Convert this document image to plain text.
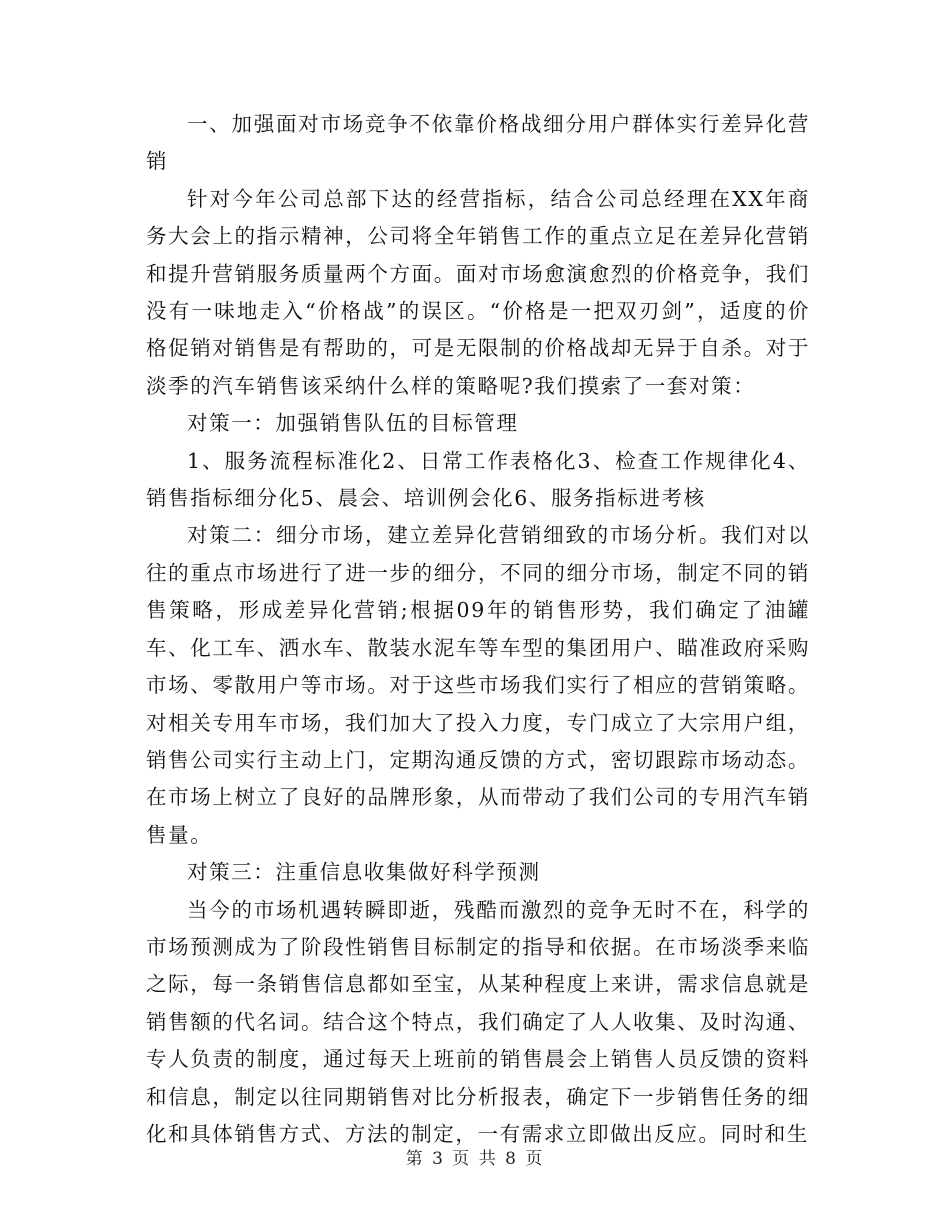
一、加强面对市场竞争不依靠价格战细分用户群体实行差异化营销

针对今年公司总部下达的经营指标，结合公司总经理在XX年商务大会上的指示精神，公司将全年销售工作的重点立足在差异化营销和提升营销服务质量两个方面。面对市场愈演愈烈的价格竞争，我们没有一味地走入“价格战”的误区。“价格是一把双刃剑”，适度的价格促销对销售是有帮助的，可是无限制的价格战却无异于自杀。对于淡季的汽车销售该采纳什么样的策略呢?我们摸索了一套对策：

对策一：加强销售队伍的目标管理

1、服务流程标准化2、日常工作表格化3、检查工作规律化4、销售指标细分化5、晨会、培训例会化6、服务指标进考核

对策二：细分市场，建立差异化营销细致的市场分析。我们对以往的重点市场进行了进一步的细分，不同的细分市场，制定不同的销售策略，形成差异化营销;根据09年的销售形势，我们确定了油罐车、化工车、洒水车、散装水泥车等车型的集团用户、瞄准政府采购市场、零散用户等市场。对于这些市场我们实行了相应的营销策略。对相关专用车市场，我们加大了投入力度，专门成立了大宗用户组，销售公司实行主动上门，定期沟通反馈的方式，密切跟踪市场动态。在市场上树立了良好的品牌形象，从而带动了我们公司的专用汽车销售量。

对策三：注重信息收集做好科学预测

当今的市场机遇转瞬即逝，残酷而激烈的竞争无时不在，科学的市场预测成为了阶段性销售目标制定的指导和依据。在市场淡季来临之际，每一条销售信息都如至宝，从某种程度上来讲，需求信息就是销售额的代名词。结合这个特点，我们确定了人人收集、及时沟通、专人负责的制度，通过每天上班前的销售晨会上销售人员反馈的资料和信息，制定以往同期销售对比分析报表，确定下一步销售任务的细化和具体销售方式、方法的制定，一有需求立即做出反应。同时和生

第 3 页 共 8 页
